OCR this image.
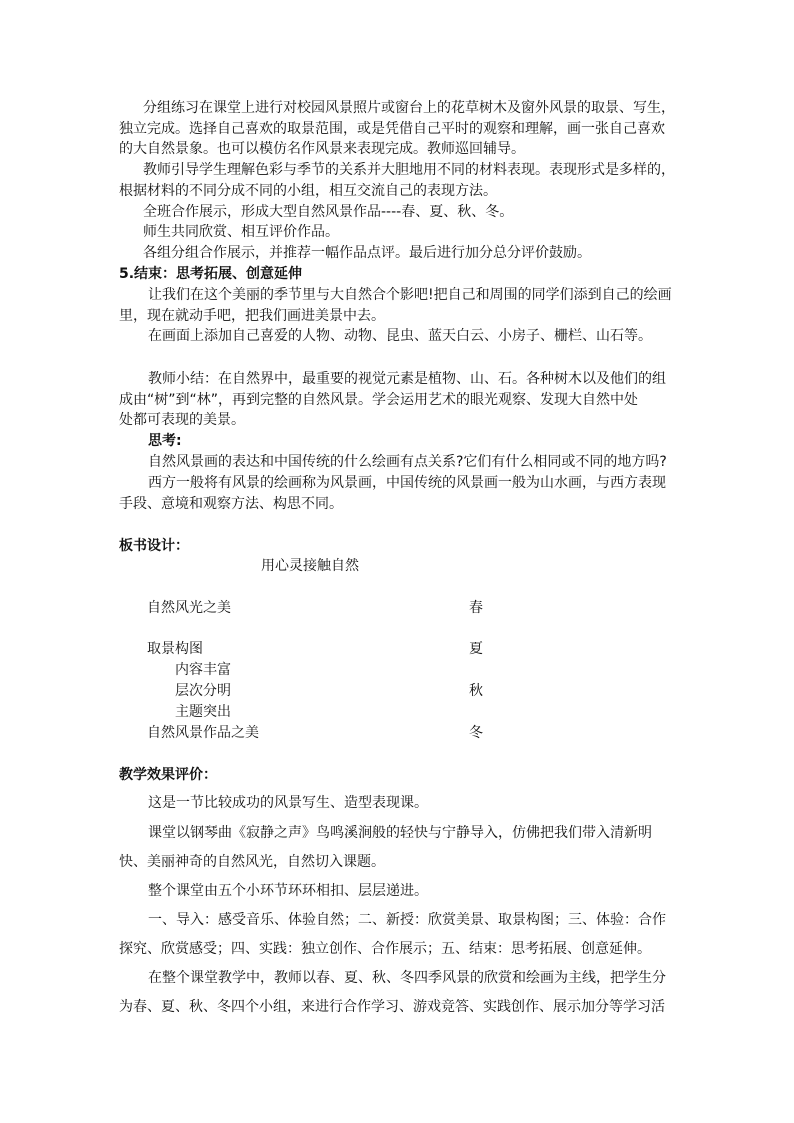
分组练习在课堂上进行对校园风景照片或窗台上的花草树木及窗外风景的取景、写生，
独立完成。选择自己喜欢的取景范围，或是凭借自己平时的观察和理解，画一张自己喜欢
的大自然景象。也可以模仿名作风景来表现完成。教师巡回辅导。
教师引导学生理解色彩与季节的关系并大胆地用不同的材料表现。表现形式是多样的，
根据材料的不同分成不同的小组，相互交流自己的表现方法。
全班合作展示，形成大型自然风景作品----春、夏、秋、冬。
师生共同欣赏、相互评价作品。
各组分组合作展示，并推荐一幅作品点评。最后进行加分总分评价鼓励。
5.结束：思考拓展、创意延伸
让我们在这个美丽的季节里与大自然合个影吧!把自己和周围的同学们添到自己的绘画
里，现在就动手吧，把我们画进美景中去。
在画面上添加自己喜爱的人物、动物、昆虫、蓝天白云、小房子、栅栏、山石等。
教师小结：在自然界中，最重要的视觉元素是植物、山、石。各种树木以及他们的组
成由“树”到“林”，再到完整的自然风景。学会运用艺术的眼光观察、发现大自然中处
处都可表现的美景。
思考:
自然风景画的表达和中国传统的什么绘画有点关系?它们有什么相同或不同的地方吗?
西方一般将有风景的绘画称为风景画，中国传统的风景画一般为山水画，与西方表现
手段、意境和观察方法、构思不同。
板书设计：
用心灵接触自然
自然风光之美	春
取景构图	夏
内容丰富
层次分明	秋
主题突出
自然风景作品之美	冬
教学效果评价：
这是一节比较成功的风景写生、造型表现课。
课堂以钢琴曲《寂静之声》鸟鸣溪涧般的轻快与宁静导入，仿佛把我们带入清新明
快、美丽神奇的自然风光，自然切入课题。
整个课堂由五个小环节环环相扣、层层递进。
一、导入：感受音乐、体验自然；二、新授：欣赏美景、取景构图；三、体验：合作
探究、欣赏感受；四、实践：独立创作、合作展示；五、结束：思考拓展、创意延伸。
在整个课堂教学中，教师以春、夏、秋、冬四季风景的欣赏和绘画为主线，把学生分
为春、夏、秋、冬四个小组，来进行合作学习、游戏竞答、实践创作、展示加分等学习活
